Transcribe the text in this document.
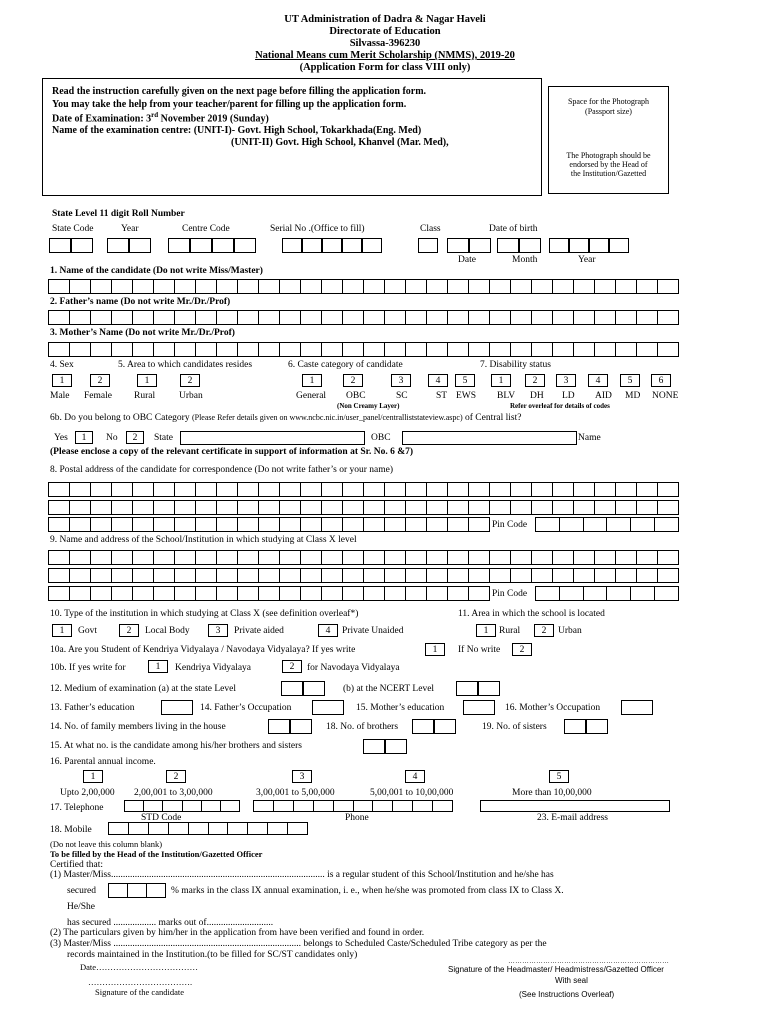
UT Administration of Dadra & Nagar Haveli
Directorate of Education
Silvassa-396230
National Means cum Merit Scholarship (NMMS), 2019-20
(Application Form for class VIII only)
Read the instruction carefully given on the next page before filling the application form.
You may take the help from your teacher/parent for filling up the application form.
Date of Examination: 3rd November 2019 (Sunday)
Name of the examination centre: (UNIT-I)- Govt. High School, Tokarkhada(Eng. Med)
(UNIT-II) Govt. High School, Khanvel (Mar. Med),
Space for the Photograph
(Passport size)
The Photograph should be
endorsed by the Head of
the Institution/Gazetted
State Level 11 digit Roll Number
State Code	Year	Centre Code	Serial No .(Office to fill)	Class	Date of birth
Date	Month	Year
1. Name of the candidate (Do not write Miss/Master)
2. Father’s name (Do not write Mr./Dr./Prof)
3. Mother’s Name (Do not write Mr./Dr./Prof)
4. Sex	5. Area to which candidates resides	6. Caste category of candidate	7. Disability status
1	2	1	2	1	2	3	4	5	1	2	3	4	5	6
Male Female Rural	Urban	General OBC	SC	ST EWS BLV DH LD AID MD NONE
(Non Creamy Layer)	Refer overleaf for details of codes
6b. Do you belong to OBC Category (Please Refer details given on www.ncbc.nic.in/user_panel/centralliststateview.aspc) of Central list?
Yes	1	No	2	State	OBC	Name
(Please enclose a copy of the relevant certificate in support of information at Sr. No. 6 &7)
8. Postal address of the candidate for correspondence (Do not write father’s or your name)
Pin Code
9. Name and address of the School/Institution in which studying at Class X level
Pin Code
10. Type of the institution in which studying at Class X (see definition overleaf*)	11. Area in which the school is located
1	Govt	2	Local Body	3	Private aided	4	Private Unaided	1	Rural	2	Urban
10a. Are you Student of Kendriya Vidyalaya / Navodaya Vidyalaya? If yes write	1	If No write	2
10b. If yes write for	1	Kendriya Vidyalaya	2	for Navodaya Vidyalaya
12. Medium of examination (a) at the state Level	(b) at the NCERT Level
13. Father’s education	14. Father’s Occupation	15. Mother’s education	16. Mother’s Occupation
14. No. of family members living in the house	18. No. of brothers	19. No. of sisters
15. At what no. is the candidate among his/her brothers and sisters
16. Parental annual income.
1	2	3	4	5
Upto 2,00,000 2,00,001 to 3,00,000	3,00,001 to 5,00,000	5,00,001 to 10,00,000	More than 10,00,000
17. Telephone
STD Code	Phone	23. E-mail address
18. Mobile
(Do not leave this column blank)
To be filled by the Head of the Institution/Gazetted Officer
Certified that:
(1) Master/Miss.......................................................................................... is a regular student of this School/Institution and he/she has
secured	% marks in the class IX annual examination, i. e., when he/she was promoted from class IX to Class X.
He/She
has secured .................. marks out of............................
(2) The particulars given by him/her in the application from have been verified and found in order.
(3) Master/Miss ............................................................................... belongs to Scheduled Caste/Scheduled Tribe category as per the
records maintained in the Institution.(to be filled for SC/ST candidates only)
Date………………………………
……………………………….
Signature of the candidate
……………………………………………………………
Signature of the Headmaster/ Headmistress/Gazetted Officer
With seal
(See Instructions Overleaf)
